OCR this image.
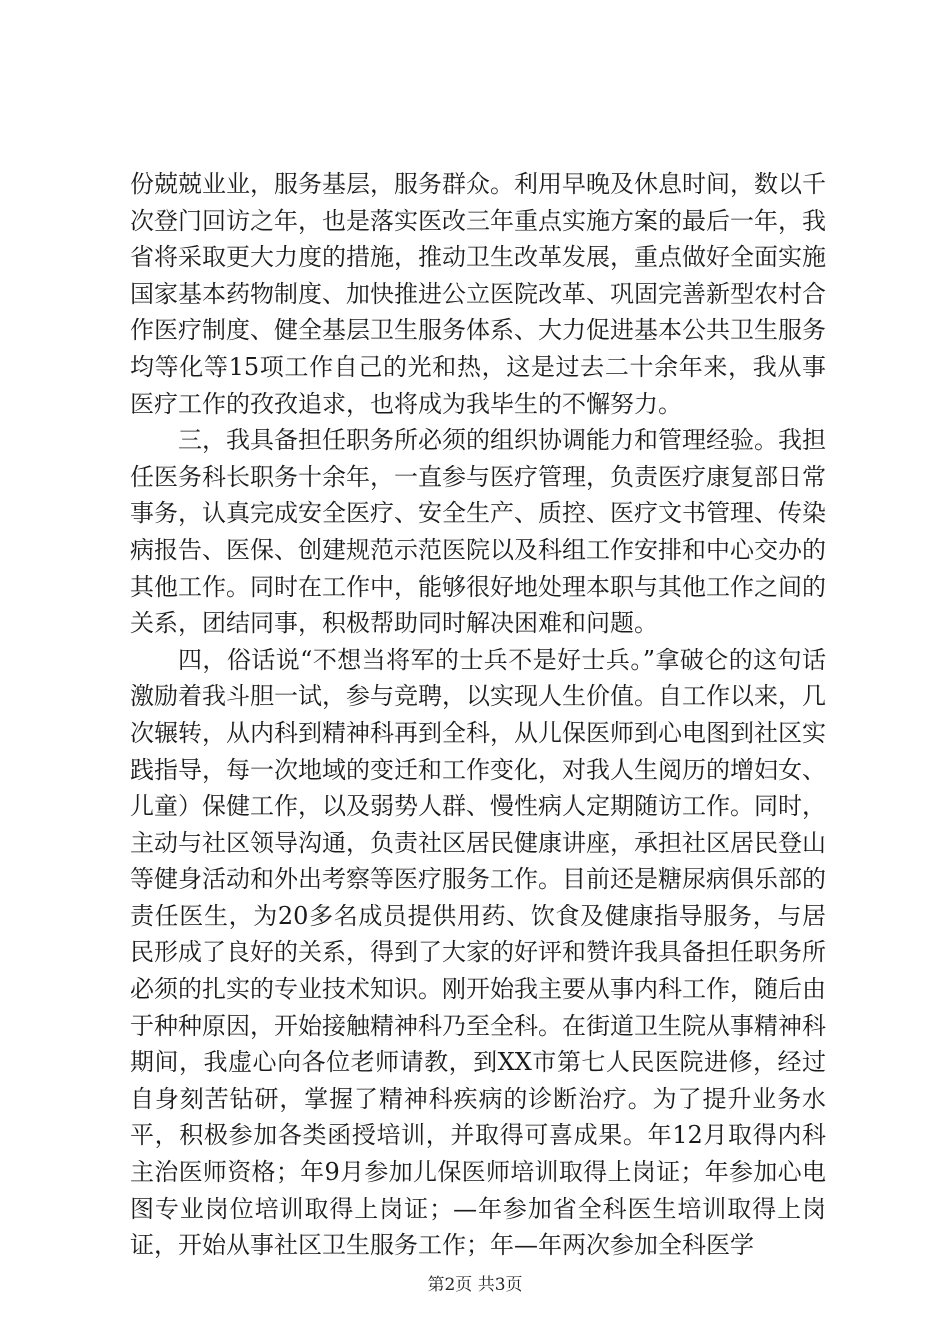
份兢兢业业，服务基层，服务群众。利用早晚及休息时间，数以千次登门回访之年，也是落实医改三年重点实施方案的最后一年，我省将采取更大力度的措施，推动卫生改革发展，重点做好全面实施国家基本药物制度、加快推进公立医院改革、巩固完善新型农村合作医疗制度、健全基层卫生服务体系、大力促进基本公共卫生服务均等化等15项工作自己的光和热，这是过去二十余年来，我从事医疗工作的孜孜追求，也将成为我毕生的不懈努力。

三，我具备担任职务所必须的组织协调能力和管理经验。我担任医务科长职务十余年，一直参与医疗管理，负责医疗康复部日常事务，认真完成安全医疗、安全生产、质控、医疗文书管理、传染病报告、医保、创建规范示范医院以及科组工作安排和中心交办的其他工作。同时在工作中，能够很好地处理本职与其他工作之间的关系，团结同事，积极帮助同时解决困难和问题。

四，俗话说“不想当将军的士兵不是好士兵。”拿破仑的这句话激励着我斗胆一试，参与竞聘，以实现人生价值。自工作以来，几次辗转，从内科到精神科再到全科，从儿保医师到心电图到社区实践指导，每一次地域的变迁和工作变化，对我人生阅历的增妇女、儿童）保健工作，以及弱势人群、慢性病人定期随访工作。同时，主动与社区领导沟通，负责社区居民健康讲座，承担社区居民登山等健身活动和外出考察等医疗服务工作。目前还是糖尿病俱乐部的责任医生，为20多名成员提供用药、饮食及健康指导服务，与居民形成了良好的关系，得到了大家的好评和赞许我具备担任职务所必须的扎实的专业技术知识。刚开始我主要从事内科工作，随后由于种种原因，开始接触精神科乃至全科。在街道卫生院从事精神科期间，我虚心向各位老师请教，到XX市第七人民医院进修，经过自身刻苦钻研，掌握了精神科疾病的诊断治疗。为了提升业务水平，积极参加各类函授培训，并取得可喜成果。年12月取得内科主治医师资格；年9月参加儿保医师培训取得上岗证；年参加心电图专业岗位培训取得上岗证；—年参加省全科医生培训取得上岗证，开始从事社区卫生服务工作；年—年两次参加全科医学

第2页 共3页
